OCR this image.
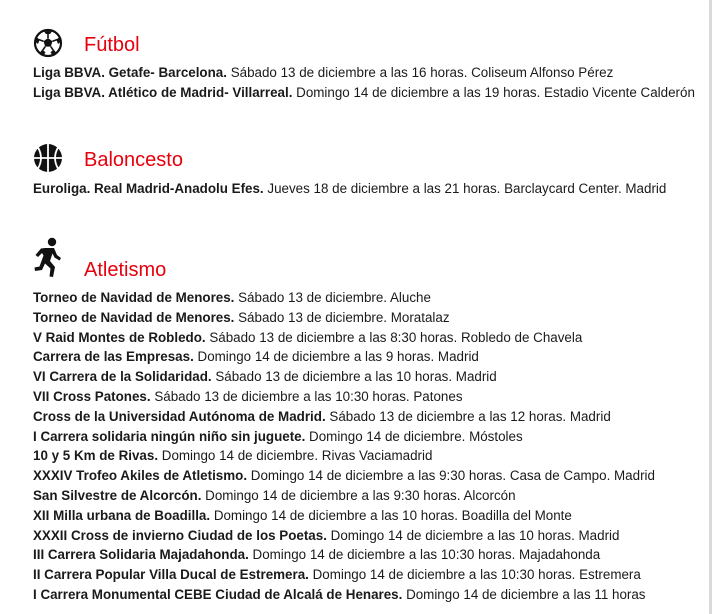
Fútbol

Liga BBVA. Getafe- Barcelona. Sábado 13 de diciembre a las 16 horas. Coliseum Alfonso Pérez

Liga BBVA. Atlético de Madrid- Villarreal. Domingo 14 de diciembre a las 19 horas. Estadio Vicente Calderón

Baloncesto

Euroliga. Real Madrid-Anadolu Efes. Jueves 18 de diciembre a las 21 horas. Barclaycard Center. Madrid

Atletismo

Torneo de Navidad de Menores. Sábado 13 de diciembre. Aluche

Torneo de Navidad de Menores. Sábado 13 de diciembre. Moratalaz

V Raid Montes de Robledo. Sábado 13 de diciembre a las 8:30 horas. Robledo de Chavela

Carrera de las Empresas. Domingo 14 de diciembre a las 9 horas. Madrid

VI Carrera de la Solidaridad. Sábado 13 de diciembre a las 10 horas. Madrid

VII Cross Patones. Sábado 13 de diciembre a las 10:30 horas. Patones

Cross de la Universidad Autónoma de Madrid. Sábado 13 de diciembre a las 12 horas. Madrid

I Carrera solidaria ningún niño sin juguete. Domingo 14 de diciembre. Móstoles

10 y 5 Km de Rivas. Domingo 14 de diciembre. Rivas Vaciamadrid

XXXIV Trofeo Akiles de Atletismo. Domingo 14 de diciembre a las 9:30 horas. Casa de Campo. Madrid

San Silvestre de Alcorcón. Domingo 14 de diciembre a las 9:30 horas. Alcorcón

XII Milla urbana de Boadilla. Domingo 14 de diciembre a las 10 horas. Boadilla del Monte

XXXII Cross de invierno Ciudad de los Poetas. Domingo 14 de diciembre a las 10 horas. Madrid

III Carrera Solidaria Majadahonda. Domingo 14 de diciembre a las 10:30 horas. Majadahonda

II Carrera Popular Villa Ducal de Estremera. Domingo 14 de diciembre a las 10:30 horas. Estremera

I Carrera Monumental CEBE Ciudad de Alcalá de Henares. Domingo 14 de diciembre a las 11 horas
